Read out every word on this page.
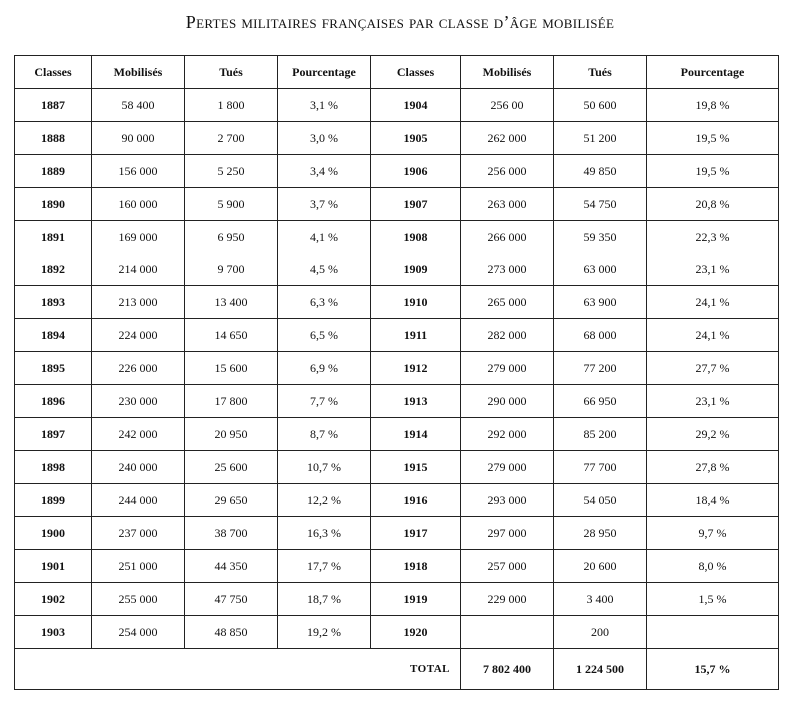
Pertes militaires françaises par classe d’âge mobilisée
Classes	Mobilisés	Tués	Pourcentage	Classes	Mobilisés	Tués	Pourcentage
1887	58 400	1 800	3,1 %	1904	256 00	50 600	19,8 %
1888	90 000	2 700	3,0 %	1905	262 000	51 200	19,5 %
1889	156 000	5 250	3,4 %	1906	256 000	49 850	19,5 %
1890	160 000	5 900	3,7 %	1907	263 000	54 750	20,8 %
1891	169 000	6 950	4,1 %	1908	266 000	59 350	22,3 %
1892	214 000	9 700	4,5 %	1909	273 000	63 000	23,1 %
1893	213 000	13 400	6,3 %	1910	265 000	63 900	24,1 %
1894	224 000	14 650	6,5 %	1911	282 000	68 000	24,1 %
1895	226 000	15 600	6,9 %	1912	279 000	77 200	27,7 %
1896	230 000	17 800	7,7 %	1913	290 000	66 950	23,1 %
1897	242 000	20 950	8,7 %	1914	292 000	85 200	29,2 %
1898	240 000	25 600	10,7 %	1915	279 000	77 700	27,8 %
1899	244 000	29 650	12,2 %	1916	293 000	54 050	18,4 %
1900	237 000	38 700	16,3 %	1917	297 000	28 950	9,7 %
1901	251 000	44 350	17,7 %	1918	257 000	20 600	8,0 %
1902	255 000	47 750	18,7 %	1919	229 000	3 400	1,5 %
1903	254 000	48 850	19,2 %	1920		200	
				TOTAL	7 802 400	1 224 500	15,7 %
